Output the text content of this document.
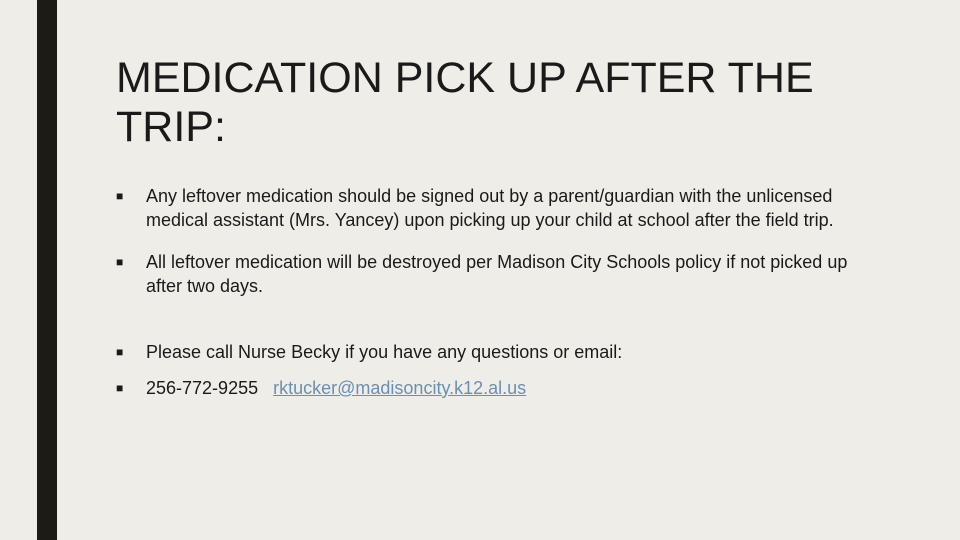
MEDICATION PICK UP AFTER THE TRIP:
■ Any leftover medication should be signed out by a parent/guardian with the unlicensed medical assistant (Mrs. Yancey) upon picking up your child at school after the field trip.
■ All leftover medication will be destroyed per Madison City Schools policy if not picked up after two days.
■ Please call Nurse Becky if you have any questions or email:
■ 256-772-9255 rktucker@madisoncity.k12.al.us
